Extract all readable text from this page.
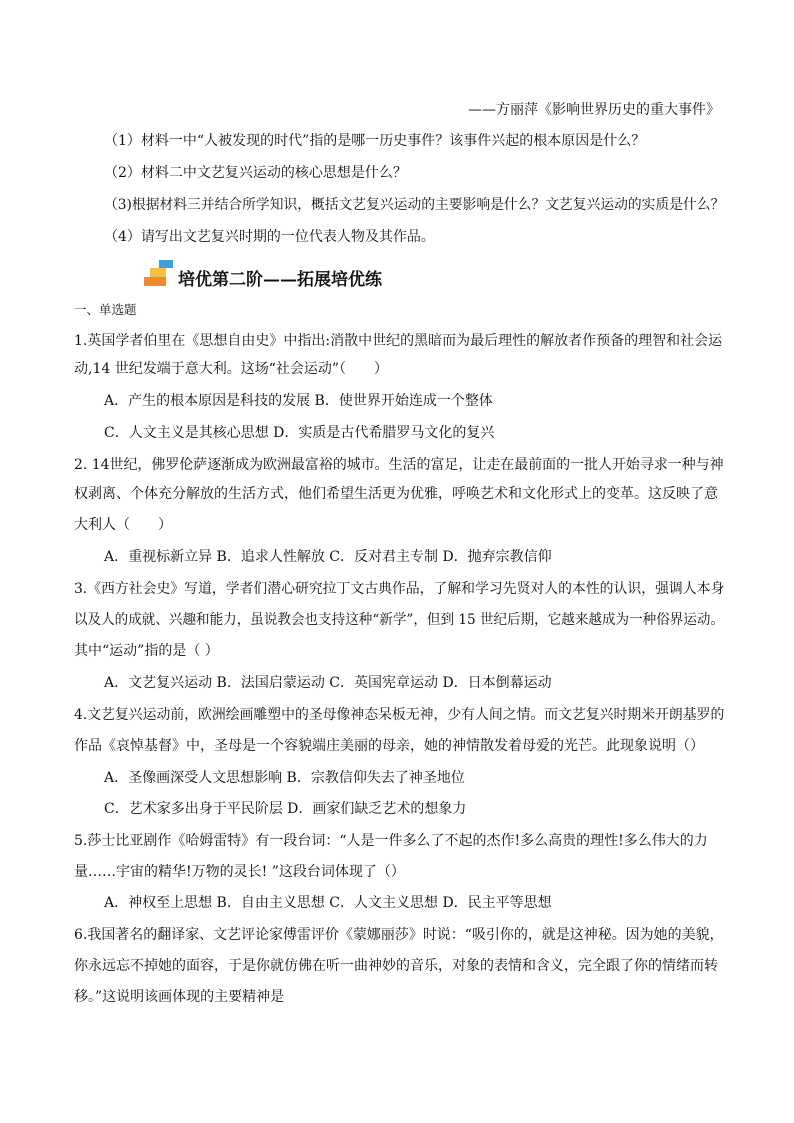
——方丽萍《影响世界历史的重大事件》
（1）材料一中“人被发现的时代”指的是哪一历史事件？该事件兴起的根本原因是什么？
（2）材料二中文艺复兴运动的核心思想是什么？
（3)根据材料三并结合所学知识，概括文艺复兴运动的主要影响是什么？文艺复兴运动的实质是什么？
（4）请写出文艺复兴时期的一位代表人物及其作品。
培优第二阶——拓展培优练
一、单选题
1.英国学者伯里在《思想自由史》中指出:消散中世纪的黑暗而为最后理性的解放者作预备的理智和社会运
动,14 世纪发端于意大利。这场“社会运动”（　　）
A．产生的根本原因是科技的发展 B．使世界开始连成一个整体
C．人文主义是其核心思想 D．实质是古代希腊罗马文化的复兴
2. 14世纪，佛罗伦萨逐渐成为欧洲最富裕的城市。生活的富足，让走在最前面的一批人开始寻求一种与神
权剥离、个体充分解放的生活方式，他们希望生活更为优雅，呼唤艺术和文化形式上的变革。这反映了意
大利人（　　）
A．重视标新立异 B．追求人性解放 C．反对君主专制 D．抛弃宗教信仰
3.《西方社会史》写道，学者们潜心研究拉丁文古典作品，了解和学习先贤对人的本性的认识，强调人本身
以及人的成就、兴趣和能力，虽说教会也支持这种“新学”，但到 15 世纪后期，它越来越成为一种俗界运动。
其中“运动”指的是（ ）
A．文艺复兴运动 B．法国启蒙运动 C．英国宪章运动 D．日本倒幕运动
4.文艺复兴运动前，欧洲绘画雕塑中的圣母像神态呆板无神，少有人间之情。而文艺复兴时期米开朗基罗的
作品《哀悼基督》中，圣母是一个容貌端庄美丽的母亲，她的神情散发着母爱的光芒。此现象说明（）
A．圣像画深受人文思想影响 B．宗教信仰失去了神圣地位
C．艺术家多出身于平民阶层 D．画家们缺乏艺术的想象力
5.莎士比亚剧作《哈姆雷特》有一段台词：“人是一件多么了不起的杰作!多么高贵的理性!多么伟大的力
量……宇宙的精华!万物的灵长! ”这段台词体现了（）
A．神权至上思想 B．自由主义思想 C．人文主义思想 D．民主平等思想
6.我国著名的翻译家、文艺评论家傅雷评价《蒙娜丽莎》时说：“吸引你的，就是这神秘。因为她的美貌，
你永远忘不掉她的面容，于是你就仿佛在听一曲神妙的音乐，对象的表情和含义，完全跟了你的情绪而转
移。”这说明该画体现的主要精神是
